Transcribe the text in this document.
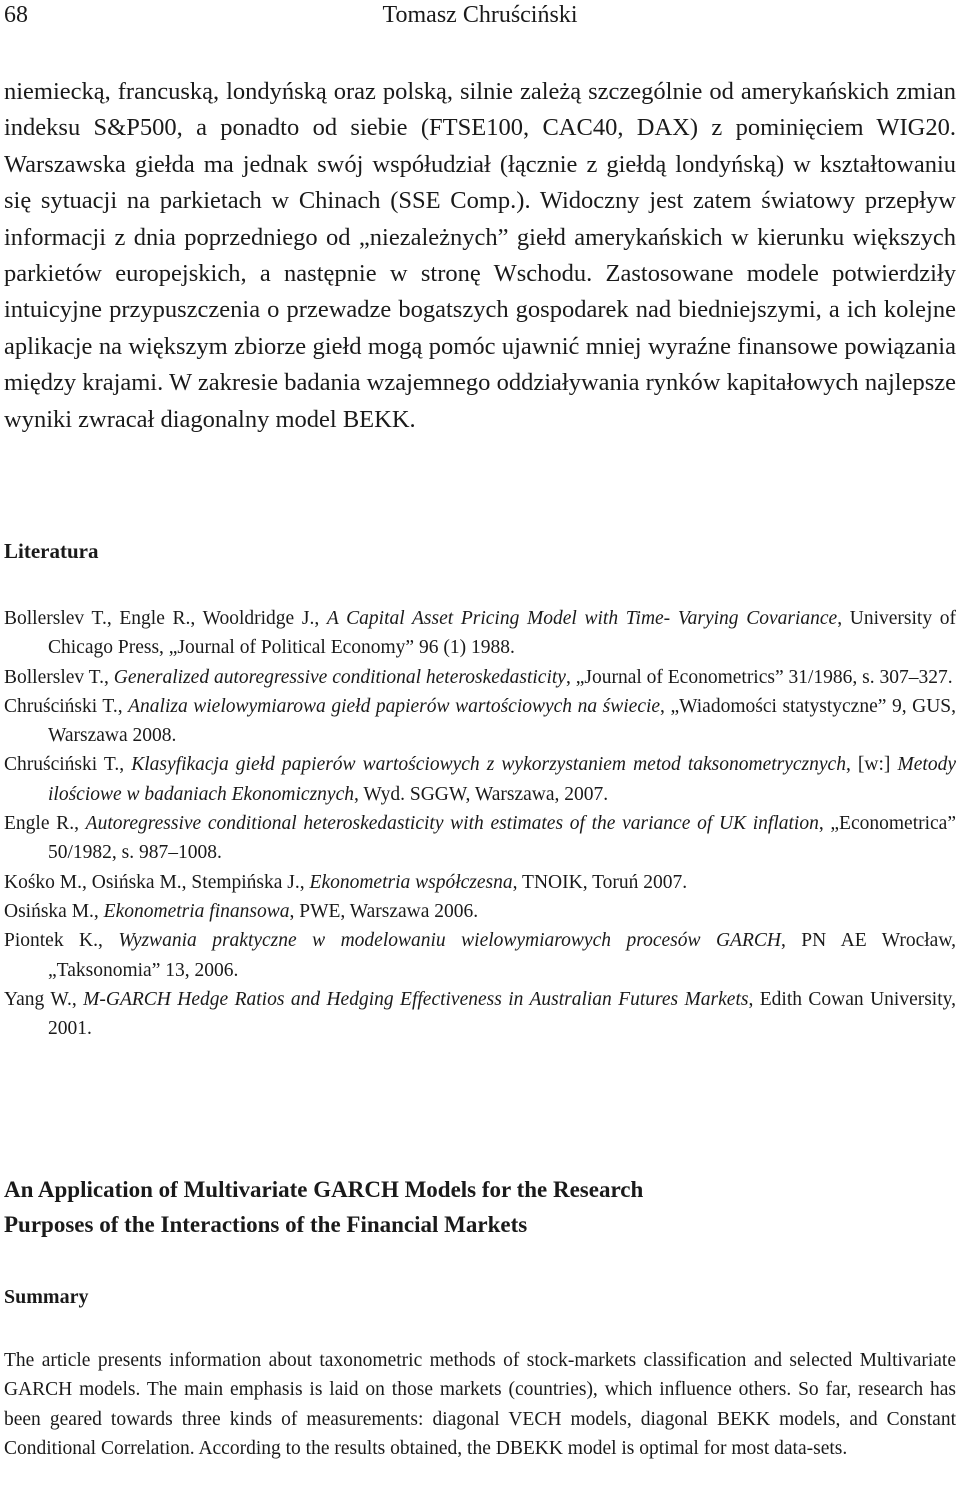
68	Tomasz Chruściński

niemiecką, francuską, londyńską oraz polską, silnie zależą szczególnie od amerykańskich zmian indeksu S&P500, a ponadto od siebie (FTSE100, CAC40, DAX) z pominięciem WIG20. Warszawska giełda ma jednak swój współudział (łącznie z giełdą londyńską) w kształtowaniu się sytuacji na parkietach w Chinach (SSE Comp.). Widoczny jest zatem światowy przepływ informacji z dnia poprzedniego od „niezależnych” giełd amerykańskich w kierunku większych parkietów europejskich, a następnie w stronę Wschodu. Zastosowane modele potwierdziły intuicyjne przypuszczenia o przewadze bogatszych gospodarek nad biedniejszymi, a ich kolejne aplikacje na większym zbiorze giełd mogą pomóc ujawnić mniej wyraźne finansowe powiązania między krajami. W zakresie badania wzajemnego oddziaływania rynków kapitałowych najlepsze wyniki zwracał diagonalny model BEKK.

Literatura
Bollerslev T., Engle R., Wooldridge J., A Capital Asset Pricing Model with Time- Varying Covariance, University of Chicago Press, „Journal of Political Economy” 96 (1) 1988.
Bollerslev T., Generalized autoregressive conditional heteroskedasticity, „Journal of Econometrics” 31/1986, s. 307–327.
Chruściński T., Analiza wielowymiarowa giełd papierów wartościowych na świecie, „Wiadomości statystyczne” 9, GUS, Warszawa 2008.
Chruściński T., Klasyfikacja giełd papierów wartościowych z wykorzystaniem metod taksonometrycznych, [w:] Metody ilościowe w badaniach Ekonomicznych, Wyd. SGGW, Warszawa, 2007.
Engle R., Autoregressive conditional heteroskedasticity with estimates of the variance of UK inflation, „Econometrica” 50/1982, s. 987–1008.
Kośko M., Osińska M., Stempińska J., Ekonometria współczesna, TNOIK, Toruń 2007.
Osińska M., Ekonometria finansowa, PWE, Warszawa 2006.
Piontek K., Wyzwania praktyczne w modelowaniu wielowymiarowych procesów GARCH, PN AE Wrocław, „Taksonomia” 13, 2006.
Yang W., M-GARCH Hedge Ratios and Hedging Effectiveness in Australian Futures Markets, Edith Cowan University, 2001.
An Application of Multivariate GARCH Models for the Research
Purposes of the Interactions of the Financial Markets
Summary

The article presents information about taxonometric methods of stock-markets classification and selected Multivariate GARCH models. The main emphasis is laid on those markets (countries), which influence others. So far, research has been geared towards three kinds of measurements: diagonal VECH models, diagonal BEKK models, and Constant Conditional Correlation. According to the results obtained, the DBEKK model is optimal for most data-sets.
